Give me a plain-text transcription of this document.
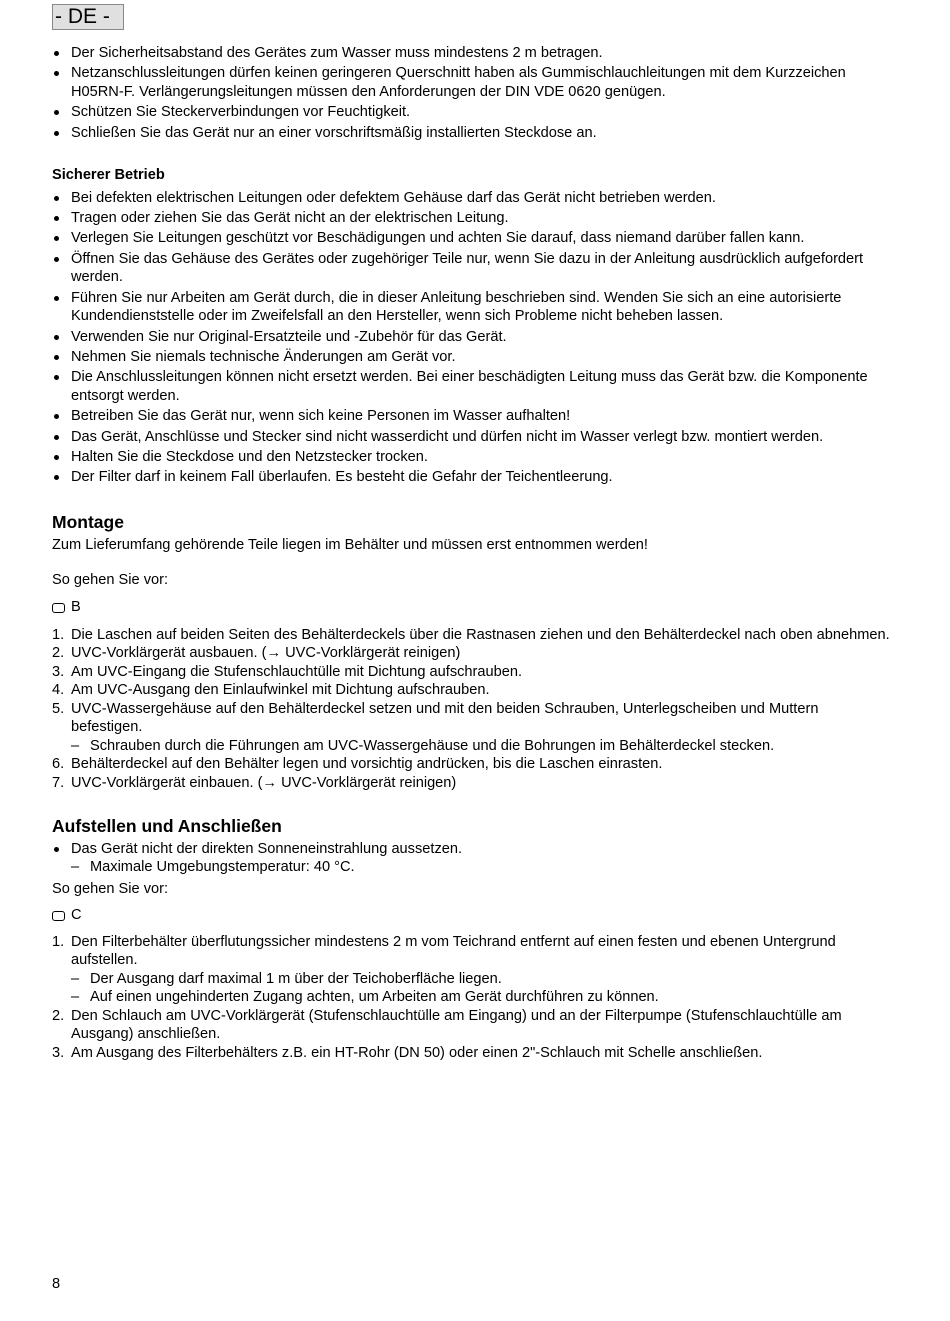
- DE -
Der Sicherheitsabstand des Gerätes zum Wasser muss mindestens 2 m betragen.
Netzanschlussleitungen dürfen keinen geringeren Querschnitt haben als Gummischlauchleitungen mit dem Kurzzeichen H05RN-F. Verlängerungsleitungen müssen den Anforderungen der DIN VDE 0620 genügen.
Schützen Sie Steckerverbindungen vor Feuchtigkeit.
Schließen Sie das Gerät nur an einer vorschriftsmäßig installierten Steckdose an.
Sicherer Betrieb
Bei defekten elektrischen Leitungen oder defektem Gehäuse darf das Gerät nicht betrieben werden.
Tragen oder ziehen Sie das Gerät nicht an der elektrischen Leitung.
Verlegen Sie Leitungen geschützt vor Beschädigungen und achten Sie darauf, dass niemand darüber fallen kann.
Öffnen Sie das Gehäuse des Gerätes oder zugehöriger Teile nur, wenn Sie dazu in der Anleitung ausdrücklich aufgefordert werden.
Führen Sie nur Arbeiten am Gerät durch, die in dieser Anleitung beschrieben sind. Wenden Sie sich an eine autorisierte Kundendienststelle oder im Zweifelsfall an den Hersteller, wenn sich Probleme nicht beheben lassen.
Verwenden Sie nur Original-Ersatzteile und -Zubehör für das Gerät.
Nehmen Sie niemals technische Änderungen am Gerät vor.
Die Anschlussleitungen können nicht ersetzt werden. Bei einer beschädigten Leitung muss das Gerät bzw. die Komponente entsorgt werden.
Betreiben Sie das Gerät nur, wenn sich keine Personen im Wasser aufhalten!
Das Gerät, Anschlüsse und Stecker sind nicht wasserdicht und dürfen nicht im Wasser verlegt bzw. montiert werden.
Halten Sie die Steckdose und den Netzstecker trocken.
Der Filter darf in keinem Fall überlaufen. Es besteht die Gefahr der Teichentleerung.
Montage

Zum Lieferumfang gehörende Teile liegen im Behälter und müssen erst entnommen werden!

So gehen Sie vor:

B
1. Die Laschen auf beiden Seiten des Behälterdeckels über die Rastnasen ziehen und den Behälterdeckel nach oben abnehmen.
2. UVC-Vorklärgerät ausbauen. (→ UVC-Vorklärgerät reinigen)
3. Am UVC-Eingang die Stufenschlauchtülle mit Dichtung aufschrauben.
4. Am UVC-Ausgang den Einlaufwinkel mit Dichtung aufschrauben.
5. UVC-Wassergehäuse auf den Behälterdeckel setzen und mit den beiden Schrauben, Unterlegscheiben und Muttern befestigen.
– Schrauben durch die Führungen am UVC-Wassergehäuse und die Bohrungen im Behälterdeckel stecken.
6. Behälterdeckel auf den Behälter legen und vorsichtig andrücken, bis die Laschen einrasten.
7. UVC-Vorklärgerät einbauen. (→ UVC-Vorklärgerät reinigen)
Aufstellen und Anschließen
Das Gerät nicht der direkten Sonneneinstrahlung aussetzen.
– Maximale Umgebungstemperatur: 40 °C.

So gehen Sie vor:

C
1. Den Filterbehälter überflutungssicher mindestens 2 m vom Teichrand entfernt auf einen festen und ebenen Untergrund aufstellen.
– Der Ausgang darf maximal 1 m über der Teichoberfläche liegen.
– Auf einen ungehinderten Zugang achten, um Arbeiten am Gerät durchführen zu können.
2. Den Schlauch am UVC-Vorklärgerät (Stufenschlauchtülle am Eingang) und an der Filterpumpe (Stufenschlauchtülle am Ausgang) anschließen.
3. Am Ausgang des Filterbehälters z.B. ein HT-Rohr (DN 50) oder einen 2"-Schlauch mit Schelle anschließen.
8
